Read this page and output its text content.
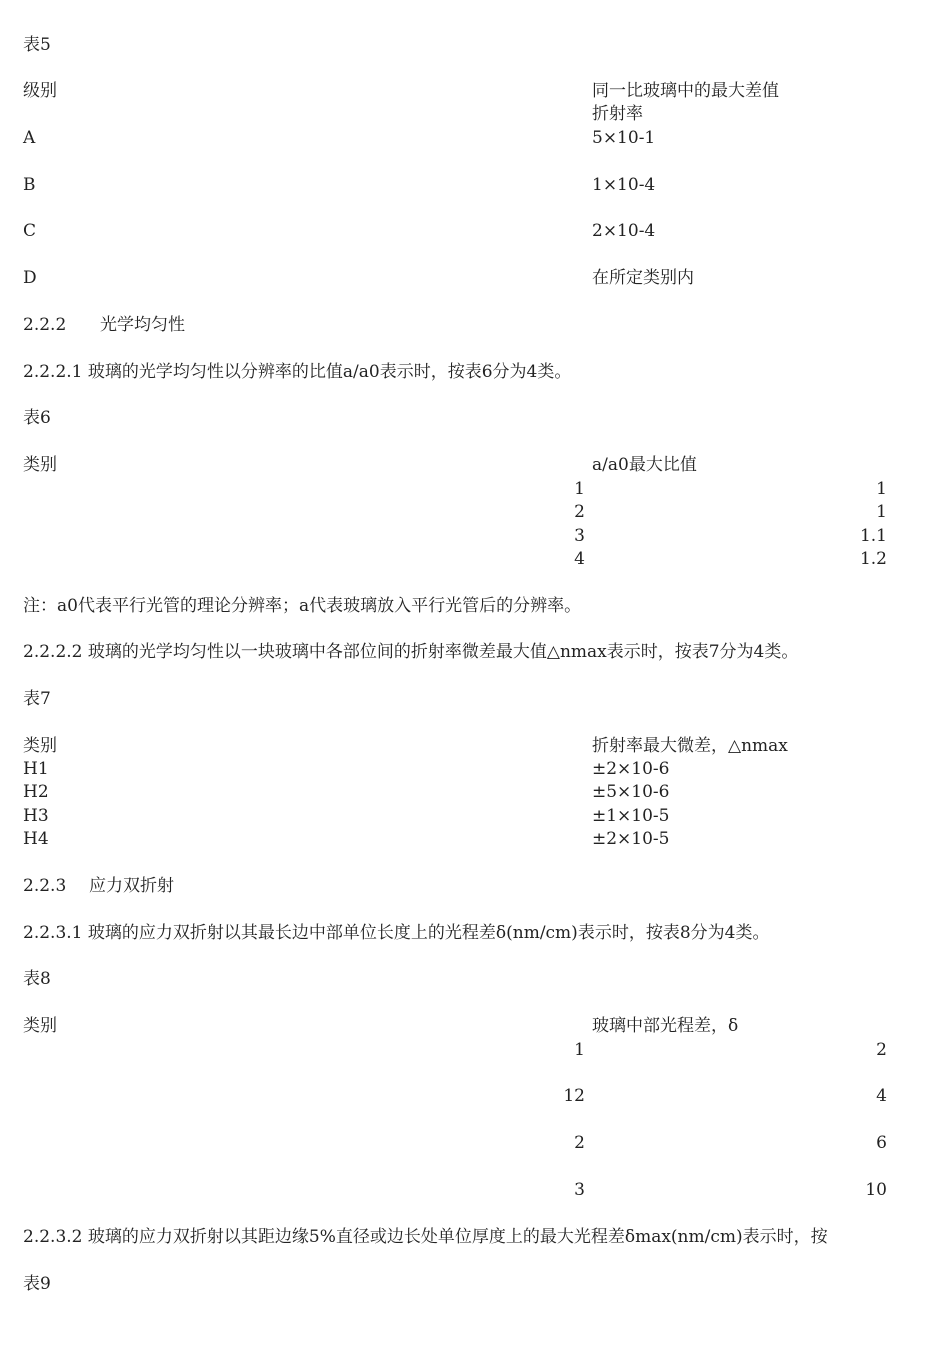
表5
级别	同一比玻璃中的最大差值
折射率
A	5×10-1
B	1×10-4
C	2×10-4
D	在所定类别内
2.2.2 光学均匀性
2.2.2.1 玻璃的光学均匀性以分辨率的比值a/a0表示时，按表6分为4类。
表6
类别	a/a0最大比值
1	1
2	1
3	1.1
4	1.2
注：a0代表平行光管的理论分辨率；a代表玻璃放入平行光管后的分辨率。
2.2.2.2 玻璃的光学均匀性以一块玻璃中各部位间的折射率微差最大值△nmax表示时，按表7分为4类。
表7
类别	折射率最大微差，△nmax
H1	±2×10-6
H2	±5×10-6
H3	±1×10-5
H4	±2×10-5
2.2.3 应力双折射
2.2.3.1 玻璃的应力双折射以其最长边中部单位长度上的光程差δ(nm/cm)表示时，按表8分为4类。
表8
类别	玻璃中部光程差，δ
1	2
12	4
2	6
3	10
2.2.3.2 玻璃的应力双折射以其距边缘5%直径或边长处单位厚度上的最大光程差δmax(nm/cm)表示时，按
表9
